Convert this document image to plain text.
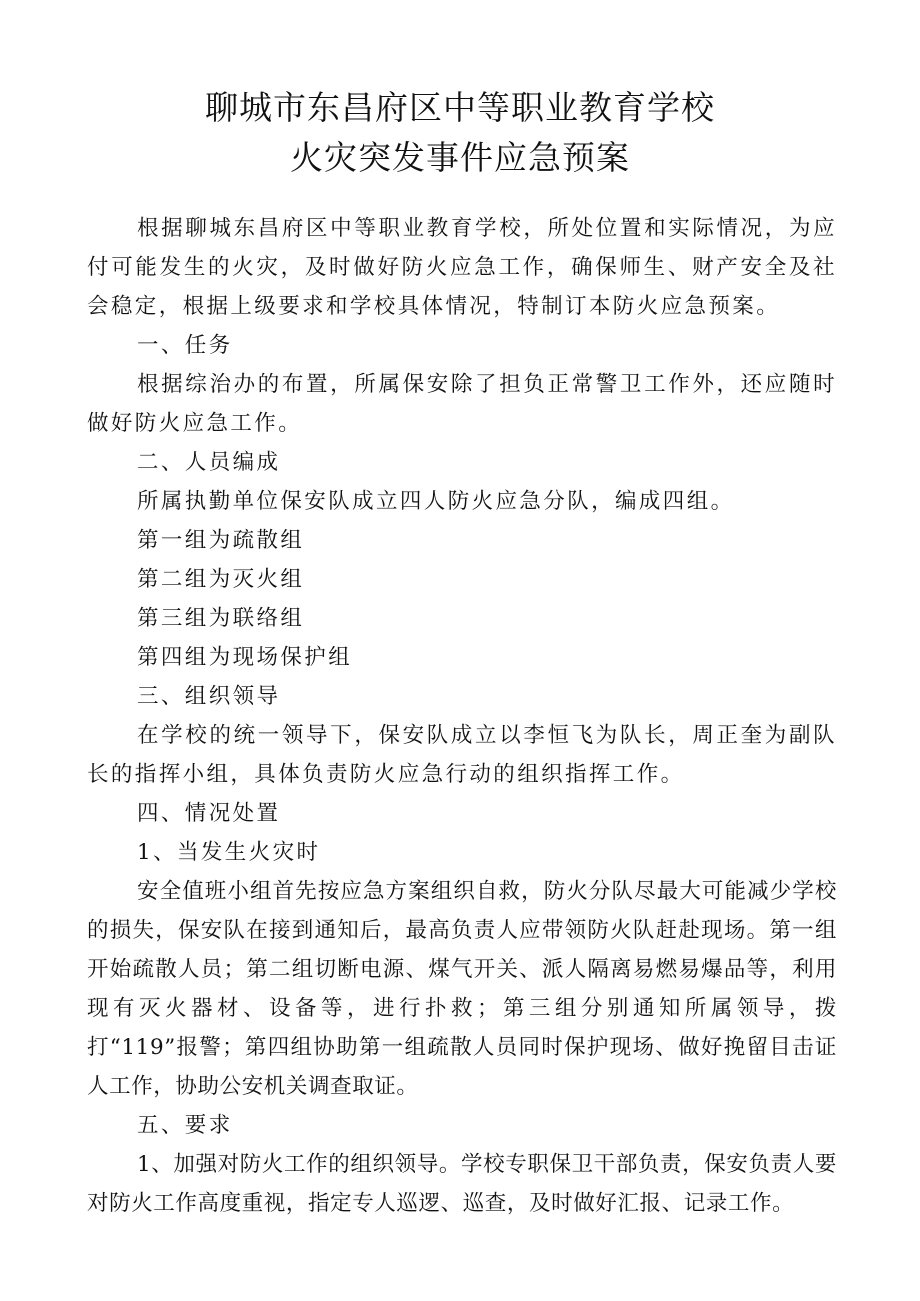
聊城市东昌府区中等职业教育学校
火灾突发事件应急预案

根据聊城东昌府区中等职业教育学校，所处位置和实际情况，为应付可能发生的火灾，及时做好防火应急工作，确保师生、财产安全及社会稳定，根据上级要求和学校具体情况，特制订本防火应急预案。

一、任务

根据综治办的布置，所属保安除了担负正常警卫工作外，还应随时做好防火应急工作。

二、人员编成

所属执勤单位保安队成立四人防火应急分队，编成四组。

第一组为疏散组

第二组为灭火组

第三组为联络组

第四组为现场保护组

三、组织领导

在学校的统一领导下，保安队成立以李恒飞为队长，周正奎为副队长的指挥小组，具体负责防火应急行动的组织指挥工作。

四、情况处置

1、当发生火灾时

安全值班小组首先按应急方案组织自救，防火分队尽最大可能减少学校的损失，保安队在接到通知后，最高负责人应带领防火队赶赴现场。第一组开始疏散人员；第二组切断电源、煤气开关、派人隔离易燃易爆品等，利用现有灭火器材、设备等，进行扑救；第三组分别通知所属领导，拨打“119”报警；第四组协助第一组疏散人员同时保护现场、做好挽留目击证人工作，协助公安机关调查取证。

五、要求

1、加强对防火工作的组织领导。学校专职保卫干部负责，保安负责人要对防火工作高度重视，指定专人巡逻、巡查，及时做好汇报、记录工作。
